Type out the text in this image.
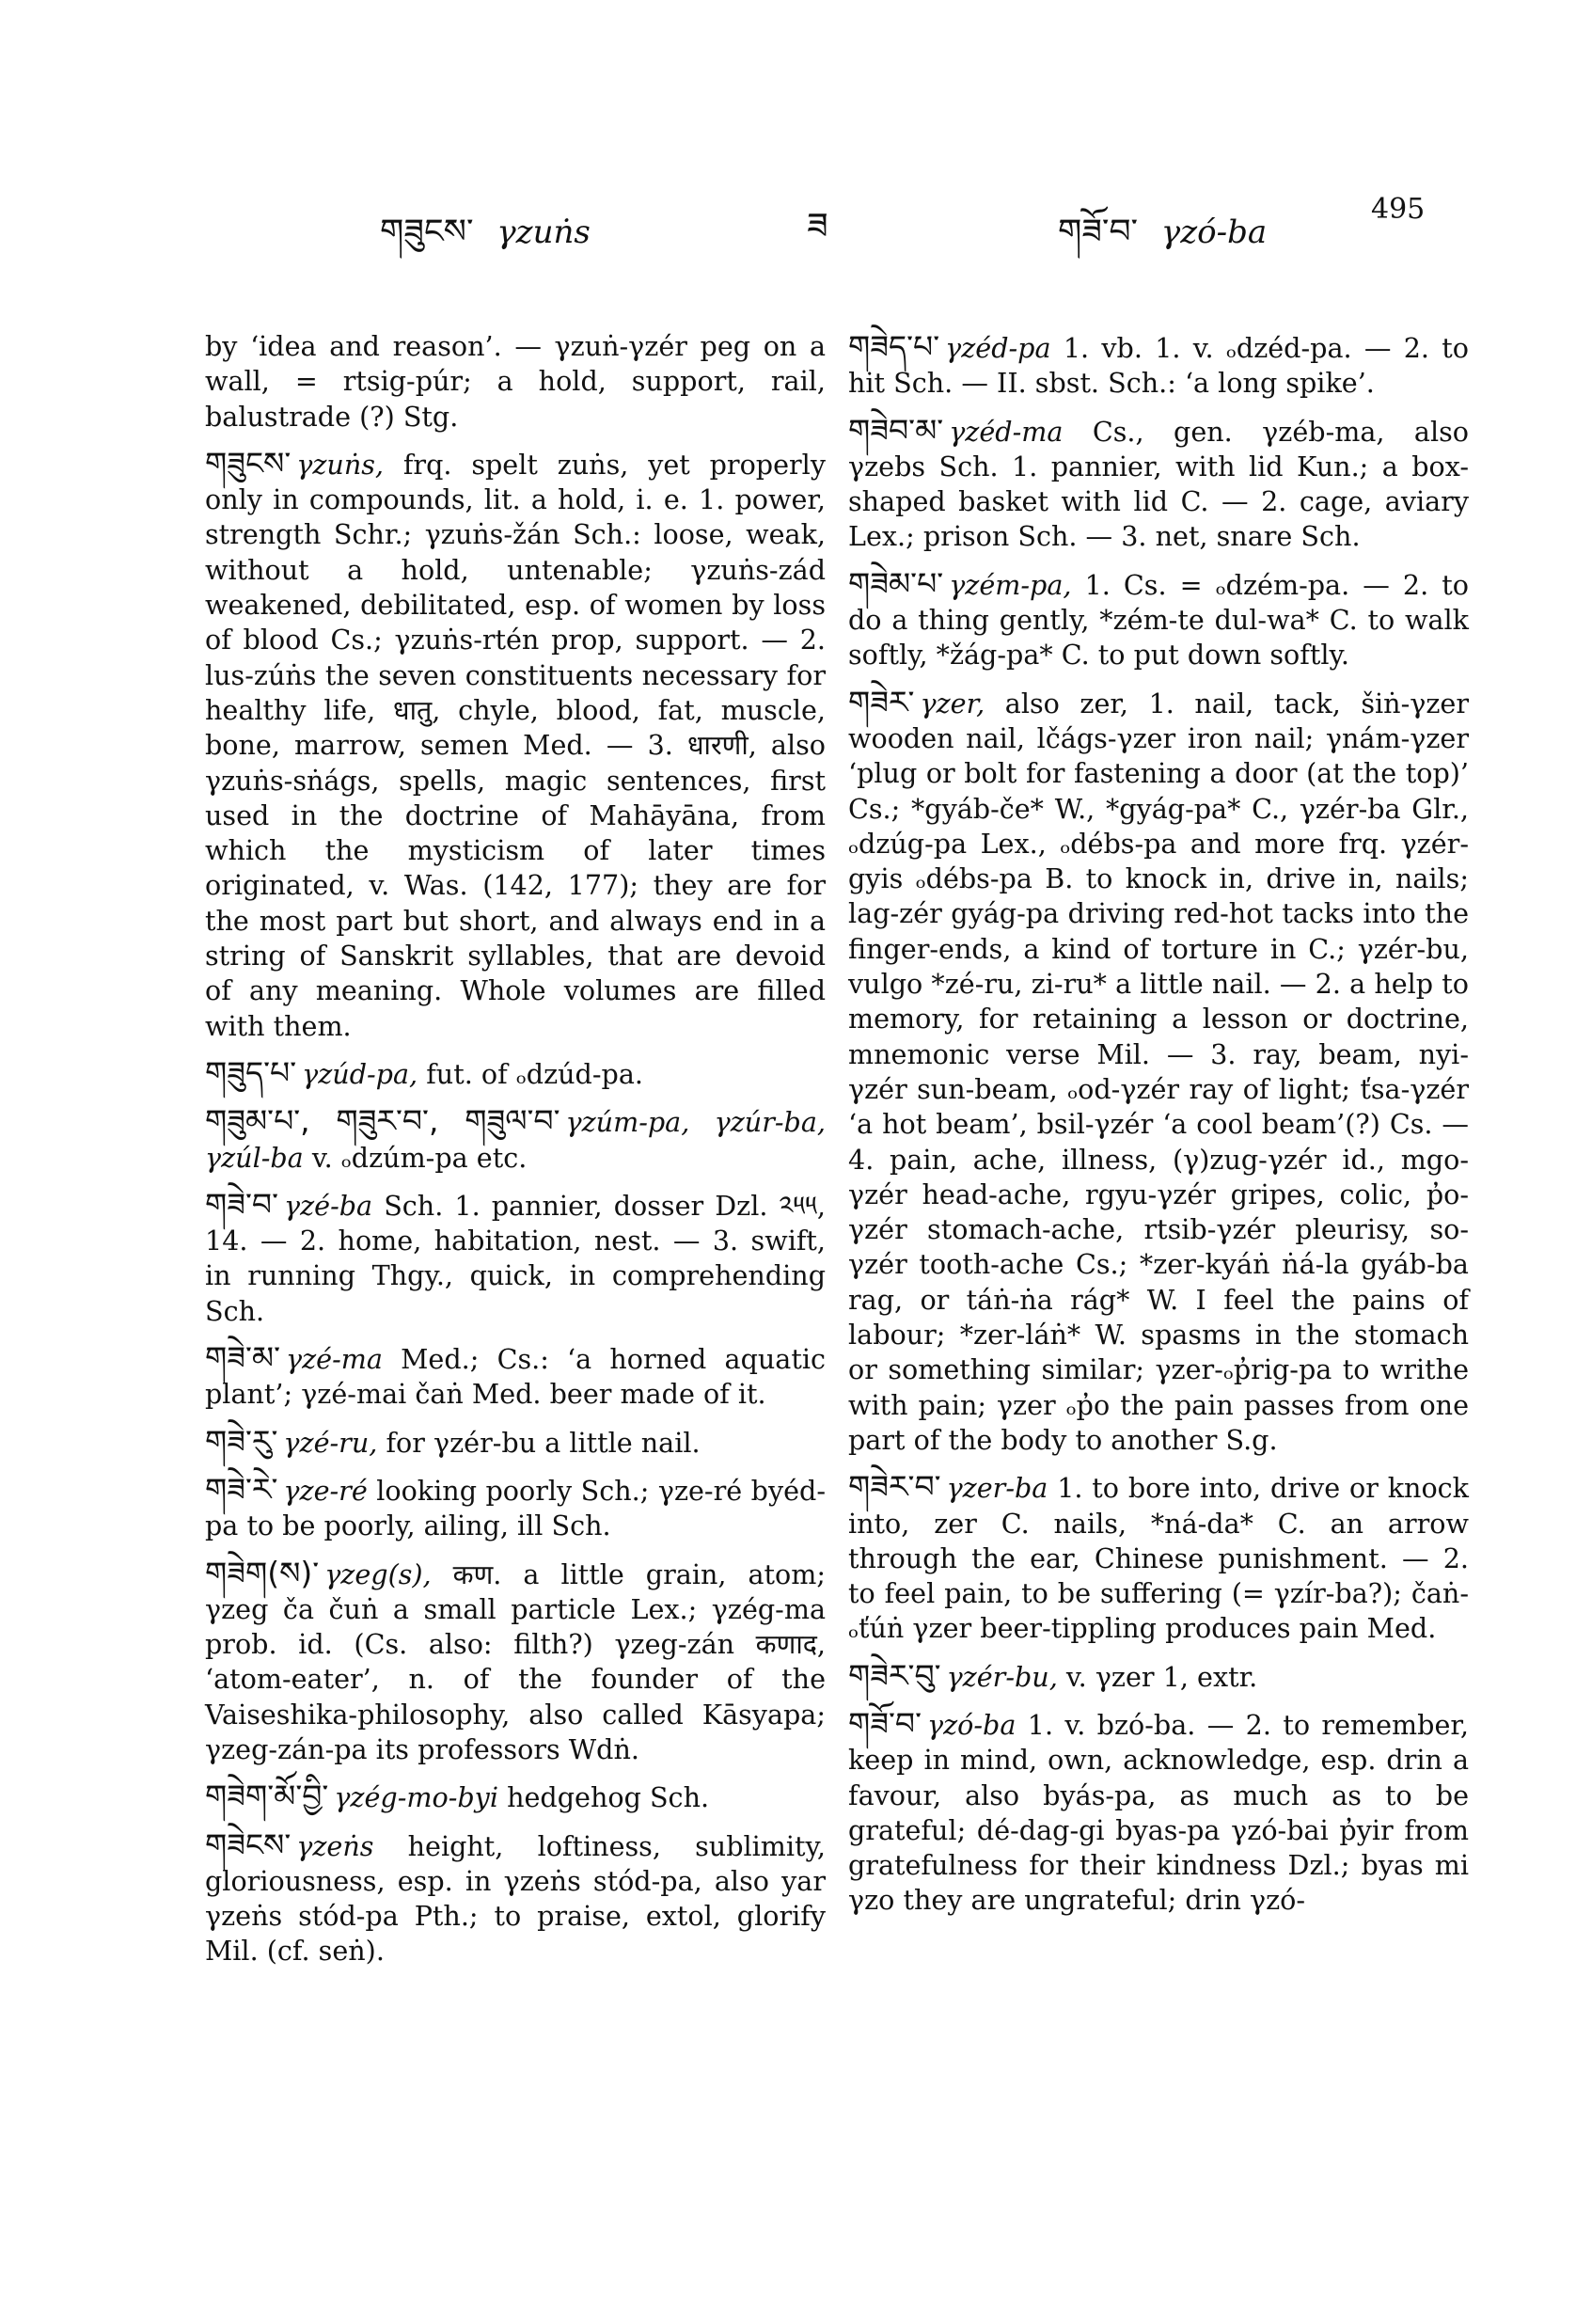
གཟུངས་ γzuṅs	ཟ	གཟོ་བ་ γzó-ba
495

by ‘idea and reason’. — γzuṅ-γzér peg on a wall, = rtsig-púr; a hold, support, rail, balustrade (?) Stg.

གཟུངས་ γzuṅs, frq. spelt zuṅs, yet properly only in compounds, lit. a hold, i. e. 1. power, strength Schr.; γzuṅs-žán Sch.: loose, weak, without a hold, untenable; γzuṅs-zád weakened, debilitated, esp. of women by loss of blood Cs.; γzuṅs-rtén prop, support. — 2. lus-zúṅs the seven constituents necessary for healthy life, धातु, chyle, blood, fat, muscle, bone, marrow, semen Med. — 3. धारणी, also γzuṅs-sṅágs, spells, magic sentences, first used in the doctrine of Mahāyāna, from which the mysticism of later times originated, v. Was. (142, 177); they are for the most part but short, and always end in a string of Sanskrit syllables, that are devoid of any meaning. Whole volumes are filled with them.

གཟུད་པ་ γzúd-pa, fut. of ₒdzúd-pa.

གཟུམ་པ་, གཟུར་བ་, གཟུལ་བ་ γzúm-pa, γzúr-ba, γzúl-ba v. ₒdzúm-pa etc.

གཟེ་བ་ γzé-ba Sch. 1. pannier, dosser Dzl. ༢༥༥, 14. — 2. home, habitation, nest. — 3. swift, in running Thgy., quick, in comprehending Sch.

གཟེ་མ་ γzé-ma Med.; Cs.: ‘a horned aquatic plant’; γzé-mai čaṅ Med. beer made of it.

གཟེ་རུ་ γzé-ru, for γzér-bu a little nail.

གཟེ་རེ་ γze-ré looking poorly Sch.; γze-ré byéd-pa to be poorly, ailing, ill Sch.

གཟེག(ས)་ γzeg(s), कण. a little grain, atom; γzeg ča čuṅ a small particle Lex.; γzég-ma prob. id. (Cs. also: filth?) γzeg-zán कणाद, ‘atom-eater’, n. of the founder of the Vaiseshika-philosophy, also called Kāsyapa; γzeg-zán-pa its professors Wdṅ.

གཟེག་མོ་བྱི་ γzég-mo-byi hedgehog Sch.

གཟེངས་ γzeṅs height, loftiness, sublimity, gloriousness, esp. in γzeṅs stód-pa, also yar γzeṅs stód-pa Pth.; to praise, extol, glorify Mil. (cf. seṅ).

གཟེད་པ་ γzéd-pa 1. vb. 1. v. ₒdzéd-pa. — 2. to hit Sch. — II. sbst. Sch.: ‘a long spike’.

གཟེབ་མ་ γzéd-ma Cs., gen. γzéb-ma, also γzebs Sch. 1. pannier, with lid Kun.; a box-shaped basket with lid C. — 2. cage, aviary Lex.; prison Sch. — 3. net, snare Sch.

གཟེམ་པ་ γzém-pa, 1. Cs. = ₒdzém-pa. — 2. to do a thing gently, *zém-te dul-wa* C. to walk softly, *žág-pa* C. to put down softly.

གཟེར་ γzer, also zer, 1. nail, tack, šiṅ-γzer wooden nail, lčágs-γzer iron nail; γnám-γzer ‘plug or bolt for fastening a door (at the top)’ Cs.; *gyáb-če* W., *gyág-pa* C., γzér-ba Glr., ₒdzúg-pa Lex., ₒdébs-pa and more frq. γzér-gyis ₒdébs-pa B. to knock in, drive in, nails; lag-zér gyág-pa driving red-hot tacks into the finger-ends, a kind of torture in C.; γzér-bu, vulgo *zé-ru, zi-ru* a little nail. — 2. a help to memory, for retaining a lesson or doctrine, mnemonic verse Mil. — 3. ray, beam, nyi-γzér sun-beam, ₒod-γzér ray of light; ťsa-γzér ‘a hot beam’, bsil-γzér ‘a cool beam’(?) Cs. — 4. pain, ache, illness, (γ)zug-γzér id., mgo-γzér head-ache, rgyu-γzér gripes, colic, p̓o-γzér stomach-ache, rtsib-γzér pleurisy, so-γzér tooth-ache Cs.; *zer-kyáṅ ṅá-la gyáb-ba rag, or táṅ-ṅa rág* W. I feel the pains of labour; *zer-láṅ* W. spasms in the stomach or something similar; γzer-ₒp̓rig-pa to writhe with pain; γzer ₒp̓o the pain passes from one part of the body to another S.g.

གཟེར་བ་ γzer-ba 1. to bore into, drive or knock into, zer C. nails, *ná-da* C. an arrow through the ear, Chinese punishment. — 2. to feel pain, to be suffering (= γzír-ba?); čaṅ-ₒťúṅ γzer beer-tippling produces pain Med.

གཟེར་བུ་ γzér-bu, v. γzer 1, extr.

གཟོ་བ་ γzó-ba 1. v. bzó-ba. — 2. to remember, keep in mind, own, acknowledge, esp. drin a favour, also byás-pa, as much as to be grateful; dé-dag-gi byas-pa γzó-bai p̓yir from gratefulness for their kindness Dzl.; byas mi γzo they are ungrateful; drin γzó-
